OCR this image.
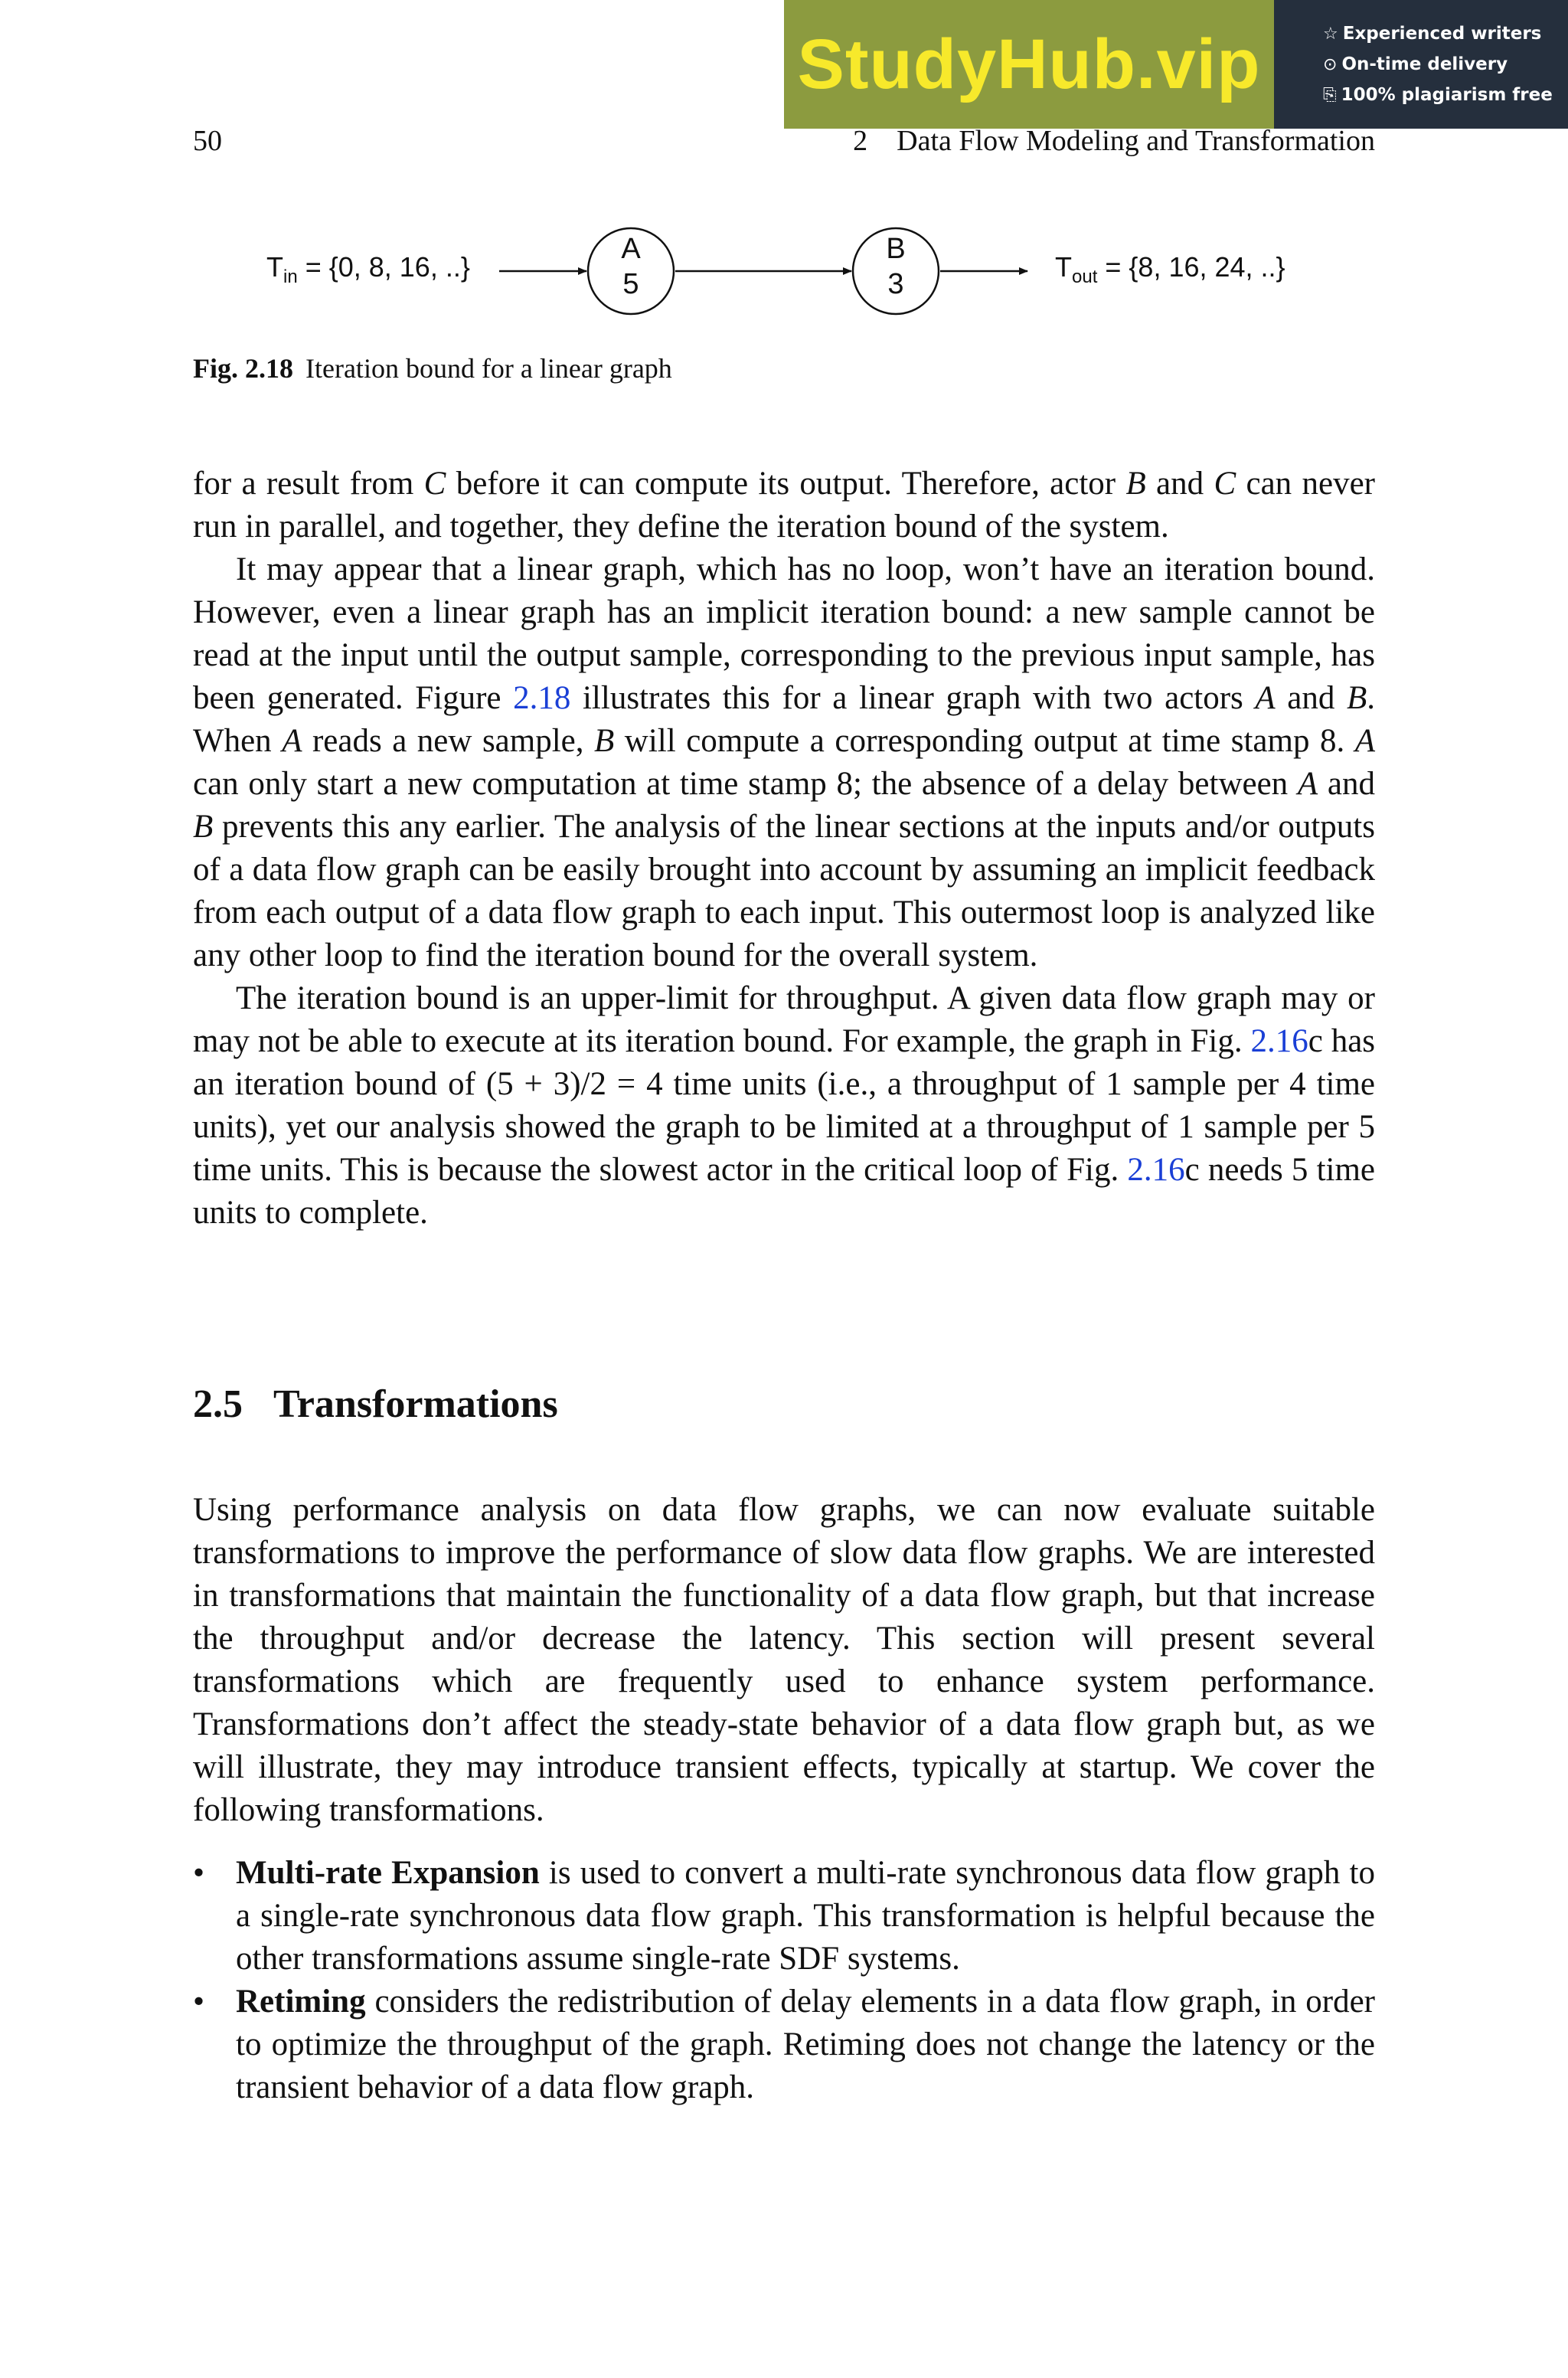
StudyHub.vip	☆ Experienced writers
⊙ On-time delivery
⎘ 100% plagiarism free
50	2    Data Flow Modeling and Transformation
$T_{in} = \{0$, 8, 16, ..}
A
5
B
3
$T_{out} = \{8$, 16, 24, ..}
Fig. 2.18 Iteration bound for a linear graph

for a result from C before it can compute its output. Therefore, actor B and C can never run in parallel, and together, they define the iteration bound of the system.

It may appear that a linear graph, which has no loop, won’t have an iteration bound. However, even a linear graph has an implicit iteration bound: a new sample cannot be read at the input until the output sample, corresponding to the previous input sample, has been generated. Figure 2.18 illustrates this for a linear graph with two actors A and B. When A reads a new sample, B will compute a corresponding output at time stamp 8. A can only start a new computation at time stamp 8; the absence of a delay between A and B prevents this any earlier. The analysis of the linear sections at the inputs and/or outputs of a data flow graph can be easily brought into account by assuming an implicit feedback from each output of a data flow graph to each input. This outermost loop is analyzed like any other loop to find the iteration bound for the overall system.

The iteration bound is an upper-limit for throughput. A given data flow graph may or may not be able to execute at its iteration bound. For example, the graph in Fig. 2.16c has an iteration bound of (5 + 3)/2 = 4 time units (i.e., a throughput of 1 sample per 4 time units), yet our analysis showed the graph to be limited at a throughput of 1 sample per 5 time units. This is because the slowest actor in the critical loop of Fig. 2.16c needs 5 time units to complete.

2.5 Transformations

Using performance analysis on data flow graphs, we can now evaluate suitable transformations to improve the performance of slow data flow graphs. We are interested in transformations that maintain the functionality of a data flow graph, but that increase the throughput and/or decrease the latency. This section will present several transformations which are frequently used to enhance system performance. Transformations don’t affect the steady-state behavior of a data flow graph but, as we will illustrate, they may introduce transient effects, typically at startup. We cover the following transformations.

• Multi-rate Expansion is used to convert a multi-rate synchronous data flow graph to a single-rate synchronous data flow graph. This transformation is helpful because the other transformations assume single-rate SDF systems.
• Retiming considers the redistribution of delay elements in a data flow graph, in order to optimize the throughput of the graph. Retiming does not change the latency or the transient behavior of a data flow graph.
